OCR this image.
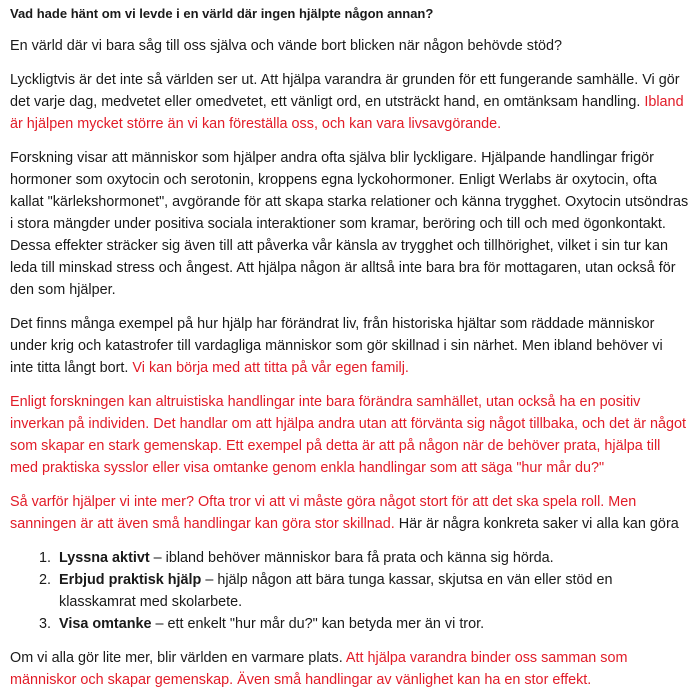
Vad hade hänt om vi levde i en värld där ingen hjälpte någon annan?

En värld där vi bara såg till oss själva och vände bort blicken när någon behövde stöd?

Lyckligtvis är det inte så världen ser ut. Att hjälpa varandra är grunden för ett fungerande samhälle. Vi gör det varje dag, medvetet eller omedvetet, ett vänligt ord, en utsträckt hand, en omtänksam handling. Ibland är hjälpen mycket större än vi kan föreställa oss, och kan vara livsavgörande.

Forskning visar att människor som hjälper andra ofta själva blir lyckligare. Hjälpande handlingar frigör hormoner som oxytocin och serotonin, kroppens egna lyckohormoner. Enligt Werlabs är oxytocin, ofta kallat "kärlekshormonet", avgörande för att skapa starka relationer och känna trygghet. Oxytocin utsöndras i stora mängder under positiva sociala interaktioner som kramar, beröring och till och med ögonkontakt. Dessa effekter sträcker sig även till att påverka vår känsla av trygghet och tillhörighet, vilket i sin tur kan leda till minskad stress och ångest. Att hjälpa någon är alltså inte bara bra för mottagaren, utan också för den som hjälper.

Det finns många exempel på hur hjälp har förändrat liv, från historiska hjältar som räddade människor under krig och katastrofer till vardagliga människor som gör skillnad i sin närhet. Men ibland behöver vi inte titta långt bort. Vi kan börja med att titta på vår egen familj.

Enligt forskningen kan altruistiska handlingar inte bara förändra samhället, utan också ha en positiv inverkan på individen. Det handlar om att hjälpa andra utan att förvänta sig något tillbaka, och det är något som skapar en stark gemenskap. Ett exempel på detta är att på någon när de behöver prata, hjälpa till med praktiska sysslor eller visa omtanke genom enkla handlingar som att säga "hur mår du?"

Så varför hjälper vi inte mer? Ofta tror vi att vi måste göra något stort för att det ska spela roll. Men sanningen är att även små handlingar kan göra stor skillnad. Här är några konkreta saker vi alla kan göra

1. Lyssna aktivt – ibland behöver människor bara få prata och känna sig hörda.
2. Erbjud praktisk hjälp – hjälp någon att bära tunga kassar, skjutsa en vän eller stöd en klasskamrat med skolarbete.
3. Visa omtanke – ett enkelt "hur mår du?" kan betyda mer än vi tror.

Om vi alla gör lite mer, blir världen en varmare plats. Att hjälpa varandra binder oss samman som människor och skapar gemenskap. Även små handlingar av vänlighet kan ha en stor effekt.
